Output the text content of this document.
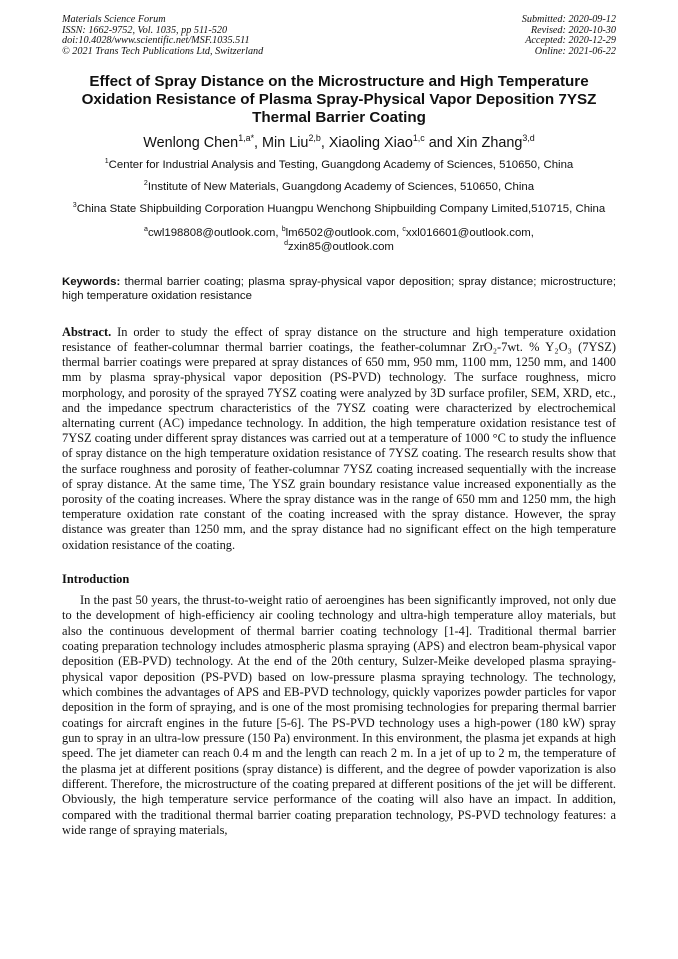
Materials Science Forum
ISSN: 1662-9752, Vol. 1035, pp 511-520
doi:10.4028/www.scientific.net/MSF.1035.511
© 2021 Trans Tech Publications Ltd, Switzerland
Submitted: 2020-09-12
Revised: 2020-10-30
Accepted: 2020-12-29
Online: 2021-06-22
Effect of Spray Distance on the Microstructure and High Temperature Oxidation Resistance of Plasma Spray-Physical Vapor Deposition 7YSZ Thermal Barrier Coating
Wenlong Chen$^{1,a*}$, Min Liu$^{2,b}$, Xiaoling Xiao$^{1,c}$ and Xin Zhang$^{3,d}$
$^1$Center for Industrial Analysis and Testing, Guangdong Academy of Sciences, 510650, China
$^2$Institute of New Materials, Guangdong Academy of Sciences, 510650, China
$^3$China State Shipbuilding Corporation Huangpu Wenchong Shipbuilding Company Limited,510715, China
$^a$cwl198808@outlook.com, $^b$lm6502@outlook.com, $^c$xxl016601@outlook.com,
$^d$zxin85@outlook.com
Keywords: thermal barrier coating; plasma spray-physical vapor deposition; spray distance; microstructure; high temperature oxidation resistance
Abstract. In order to study the effect of spray distance on the structure and high temperature oxidation resistance of feather-columnar thermal barrier coatings, the feather-columnar ZrO₂-7wt. % Y₂O₃ (7YSZ) thermal barrier coatings were prepared at spray distances of 650 mm, 950 mm, 1100 mm, 1250 mm, and 1400 mm by plasma spray-physical vapor deposition (PS-PVD) technology. The surface roughness, micro morphology, and porosity of the sprayed 7YSZ coating were analyzed by 3D surface profiler, SEM, XRD, etc., and the impedance spectrum characteristics of the 7YSZ coating were characterized by electrochemical alternating current (AC) impedance technology. In addition, the high temperature oxidation resistance test of 7YSZ coating under different spray distances was carried out at a temperature of 1000 °C to study the influence of spray distance on the high temperature oxidation resistance of 7YSZ coating. The research results show that the surface roughness and porosity of feather-columnar 7YSZ coating increased sequentially with the increase of spray distance. At the same time, The YSZ grain boundary resistance value increased exponentially as the porosity of the coating increases. Where the spray distance was in the range of 650 mm and 1250 mm, the high temperature oxidation rate constant of the coating increased with the spray distance. However, the spray distance was greater than 1250 mm, and the spray distance had no significant effect on the high temperature oxidation resistance of the coating.
Introduction
In the past 50 years, the thrust-to-weight ratio of aeroengines has been significantly improved, not only due to the development of high-efficiency air cooling technology and ultra-high temperature alloy materials, but also the continuous development of thermal barrier coating technology [1-4]. Traditional thermal barrier coating preparation technology includes atmospheric plasma spraying (APS) and electron beam-physical vapor deposition (EB-PVD) technology. At the end of the 20th century, Sulzer-Meike developed plasma spraying-physical vapor deposition (PS-PVD) based on low-pressure plasma spraying technology. The technology, which combines the advantages of APS and EB-PVD technology, quickly vaporizes powder particles for vapor deposition in the form of spraying, and is one of the most promising technologies for preparing thermal barrier coatings for aircraft engines in the future [5-6]. The PS-PVD technology uses a high-power (180 kW) spray gun to spray in an ultra-low pressure (150 Pa) environment. In this environment, the plasma jet expands at high speed. The jet diameter can reach 0.4 m and the length can reach 2 m. In a jet of up to 2 m, the temperature of the plasma jet at different positions (spray distance) is different, and the degree of powder vaporization is also different. Therefore, the microstructure of the coating prepared at different positions of the jet will be different. Obviously, the high temperature service performance of the coating will also have an impact. In addition, compared with the traditional thermal barrier coating preparation technology, PS-PVD technology features: a wide range of spraying materials,
